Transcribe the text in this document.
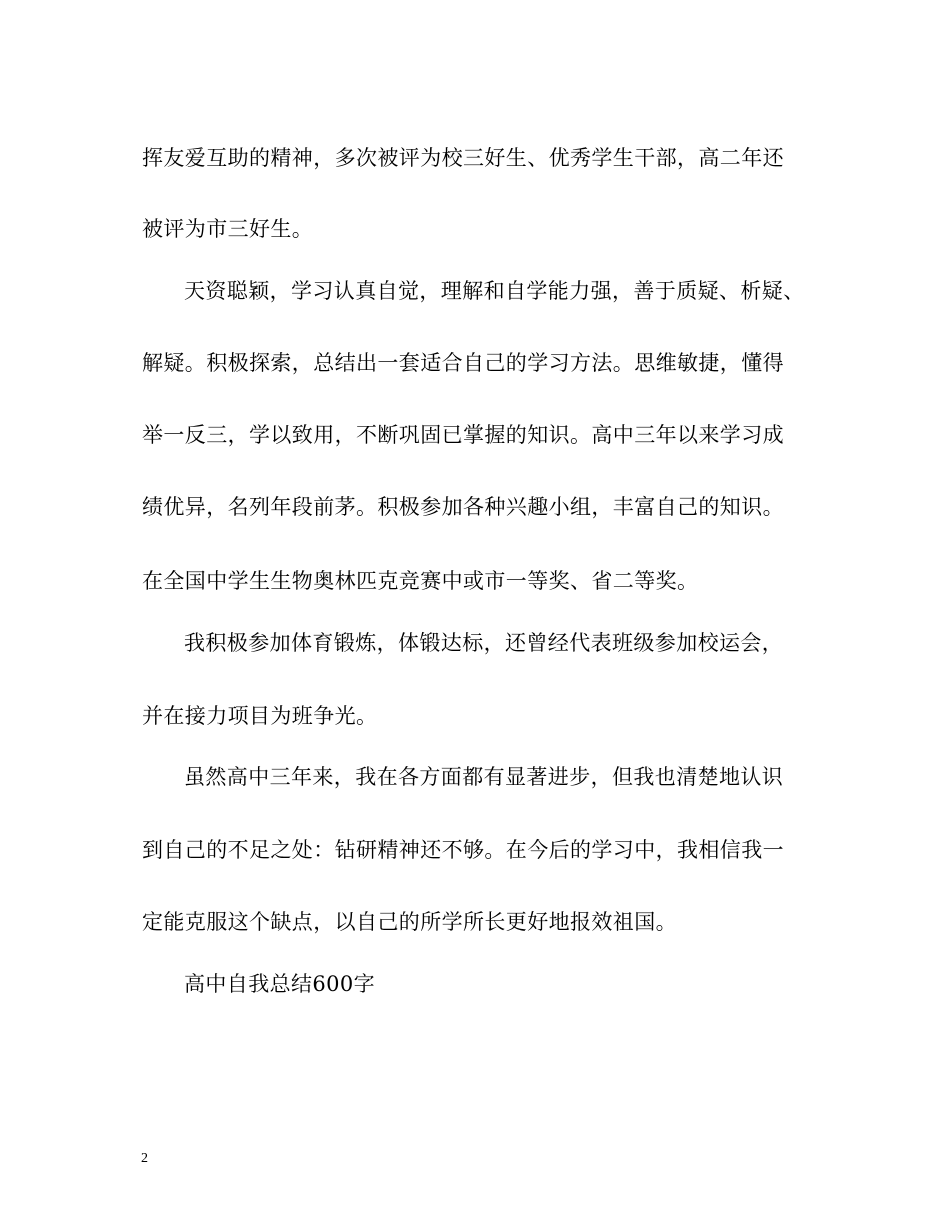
挥友爱互助的精神，多次被评为校三好生、优秀学生干部，高二年还
被评为市三好生。
天资聪颖，学习认真自觉，理解和自学能力强，善于质疑、析疑、
解疑。积极探索，总结出一套适合自己的学习方法。思维敏捷，懂得
举一反三，学以致用，不断巩固已掌握的知识。高中三年以来学习成
绩优异，名列年段前茅。积极参加各种兴趣小组，丰富自己的知识。
在全国中学生生物奥林匹克竞赛中或市一等奖、省二等奖。
我积极参加体育锻炼，体锻达标，还曾经代表班级参加校运会，
并在接力项目为班争光。
虽然高中三年来，我在各方面都有显著进步，但我也清楚地认识
到自己的不足之处：钻研精神还不够。在今后的学习中，我相信我一
定能克服这个缺点，以自己的所学所长更好地报效祖国。
高中自我总结600字
2
